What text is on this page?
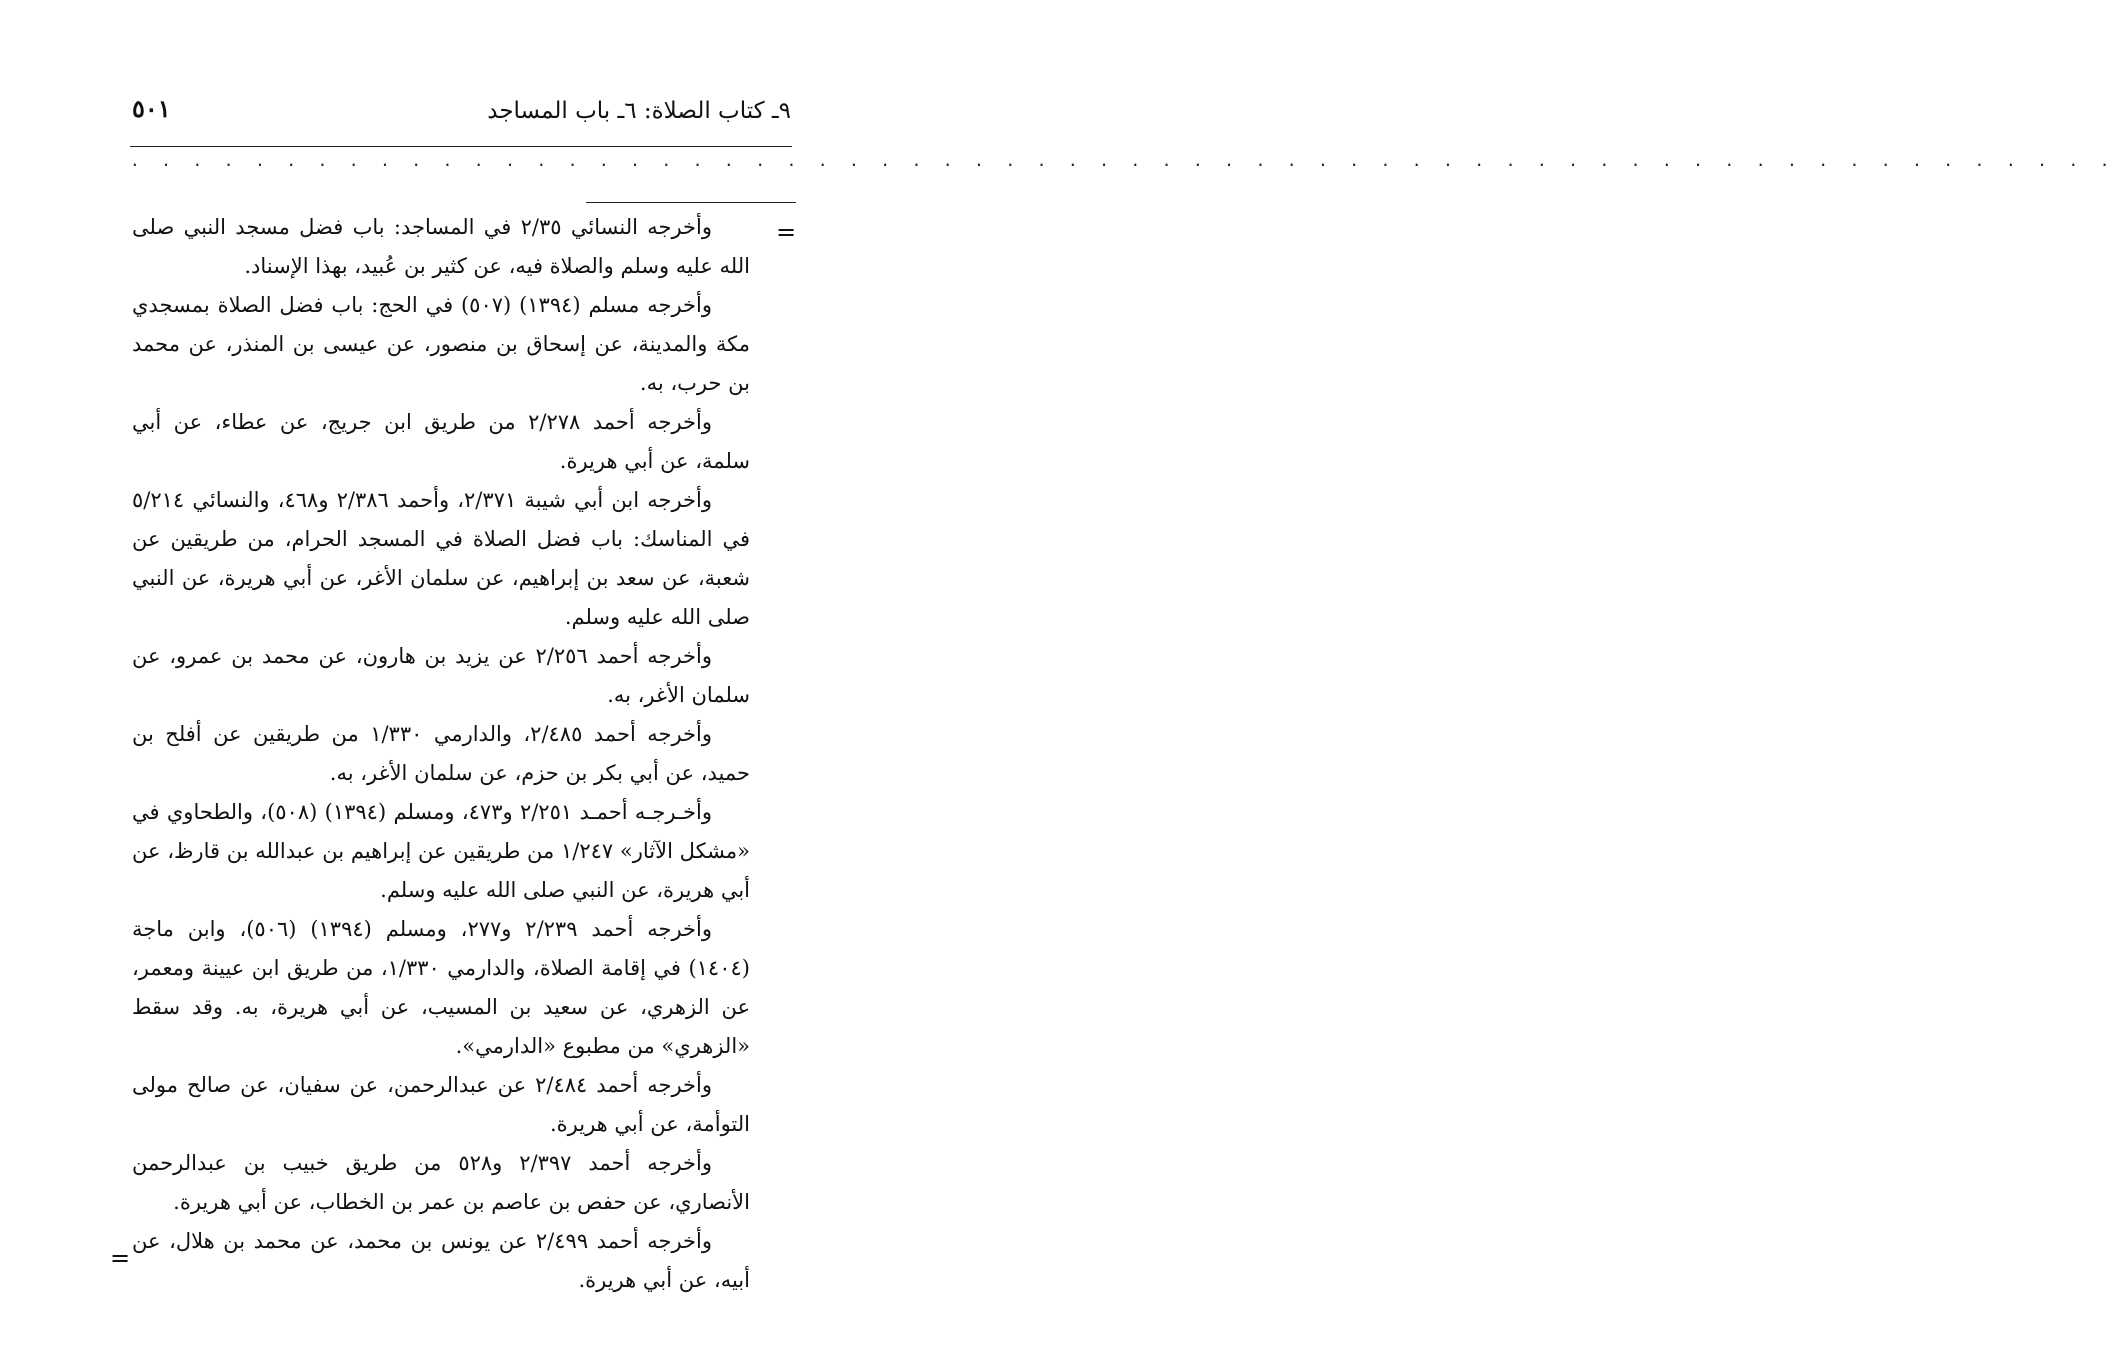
٩ـ كتاب الصلاة: ٦ـ باب المساجد
٥٠١
. . . . . . . . . . . . . . . . . . . . . . . . . . . . . . . . . . . . . . . . . . . . . . . . . . . . . . . . . . . . . . . .
=

وأخرجه النسائي ٢/٣٥ في المساجد: باب فضل مسجد النبي صلى الله عليه وسلم والصلاة فيه، عن كثير بن عُبيد، بهذا الإسناد.

وأخرجه مسلم (١٣٩٤) (٥٠٧) في الحج: باب فضل الصلاة بمسجدي مكة والمدينة، عن إسحاق بن منصور، عن عيسى بن المنذر، عن محمد بن حرب، به.

وأخرجه أحمد ٢/٢٧٨ من طريق ابن جريج، عن عطاء، عن أبي سلمة، عن أبي هريرة.

وأخرجه ابن أبي شيبة ٢/٣٧١، وأحمد ٢/٣٨٦ و٤٦٨، والنسائي ٥/٢١٤ في المناسك: باب فضل الصلاة في المسجد الحرام، من طريقين عن شعبة، عن سعد بن إبراهيم، عن سلمان الأغر، عن أبي هريرة، عن النبي صلى الله عليه وسلم.

وأخرجه أحمد ٢/٢٥٦ عن يزيد بن هارون، عن محمد بن عمرو، عن سلمان الأغر، به.

وأخرجه أحمد ٢/٤٨٥، والدارمي ١/٣٣٠ من طريقين عن أفلح بن حميد، عن أبي بكر بن حزم، عن سلمان الأغر، به.

وأخـرجـه أحمـد ٢/٢٥١ و٤٧٣، ومسلم (١٣٩٤) (٥٠٨)، والطحاوي في «مشكل الآثار» ١/٢٤٧ من طريقين عن إبراهيم بن عبدالله بن قارظ، عن أبي هريرة، عن النبي صلى الله عليه وسلم.

وأخرجه أحمد ٢/٢٣٩ و٢٧٧، ومسلم (١٣٩٤) (٥٠٦)، وابن ماجة (١٤٠٤) في إقامة الصلاة، والدارمي ١/٣٣٠، من طريق ابن عيينة ومعمر، عن الزهري، عن سعيد بن المسيب، عن أبي هريرة، به. وقد سقط «الزهري» من مطبوع «الدارمي».

وأخرجه أحمد ٢/٤٨٤ عن عبدالرحمن، عن سفيان، عن صالح مولى التوأمة، عن أبي هريرة.

وأخرجه أحمد ٢/٣٩٧ و٥٢٨ من طريق خبيب بن عبدالرحمن الأنصاري، عن حفص بن عاصم بن عمر بن الخطاب، عن أبي هريرة.

وأخرجه أحمد ٢/٤٩٩ عن يونس بن محمد، عن محمد بن هلال، عن أبيه، عن أبي هريرة.

=
